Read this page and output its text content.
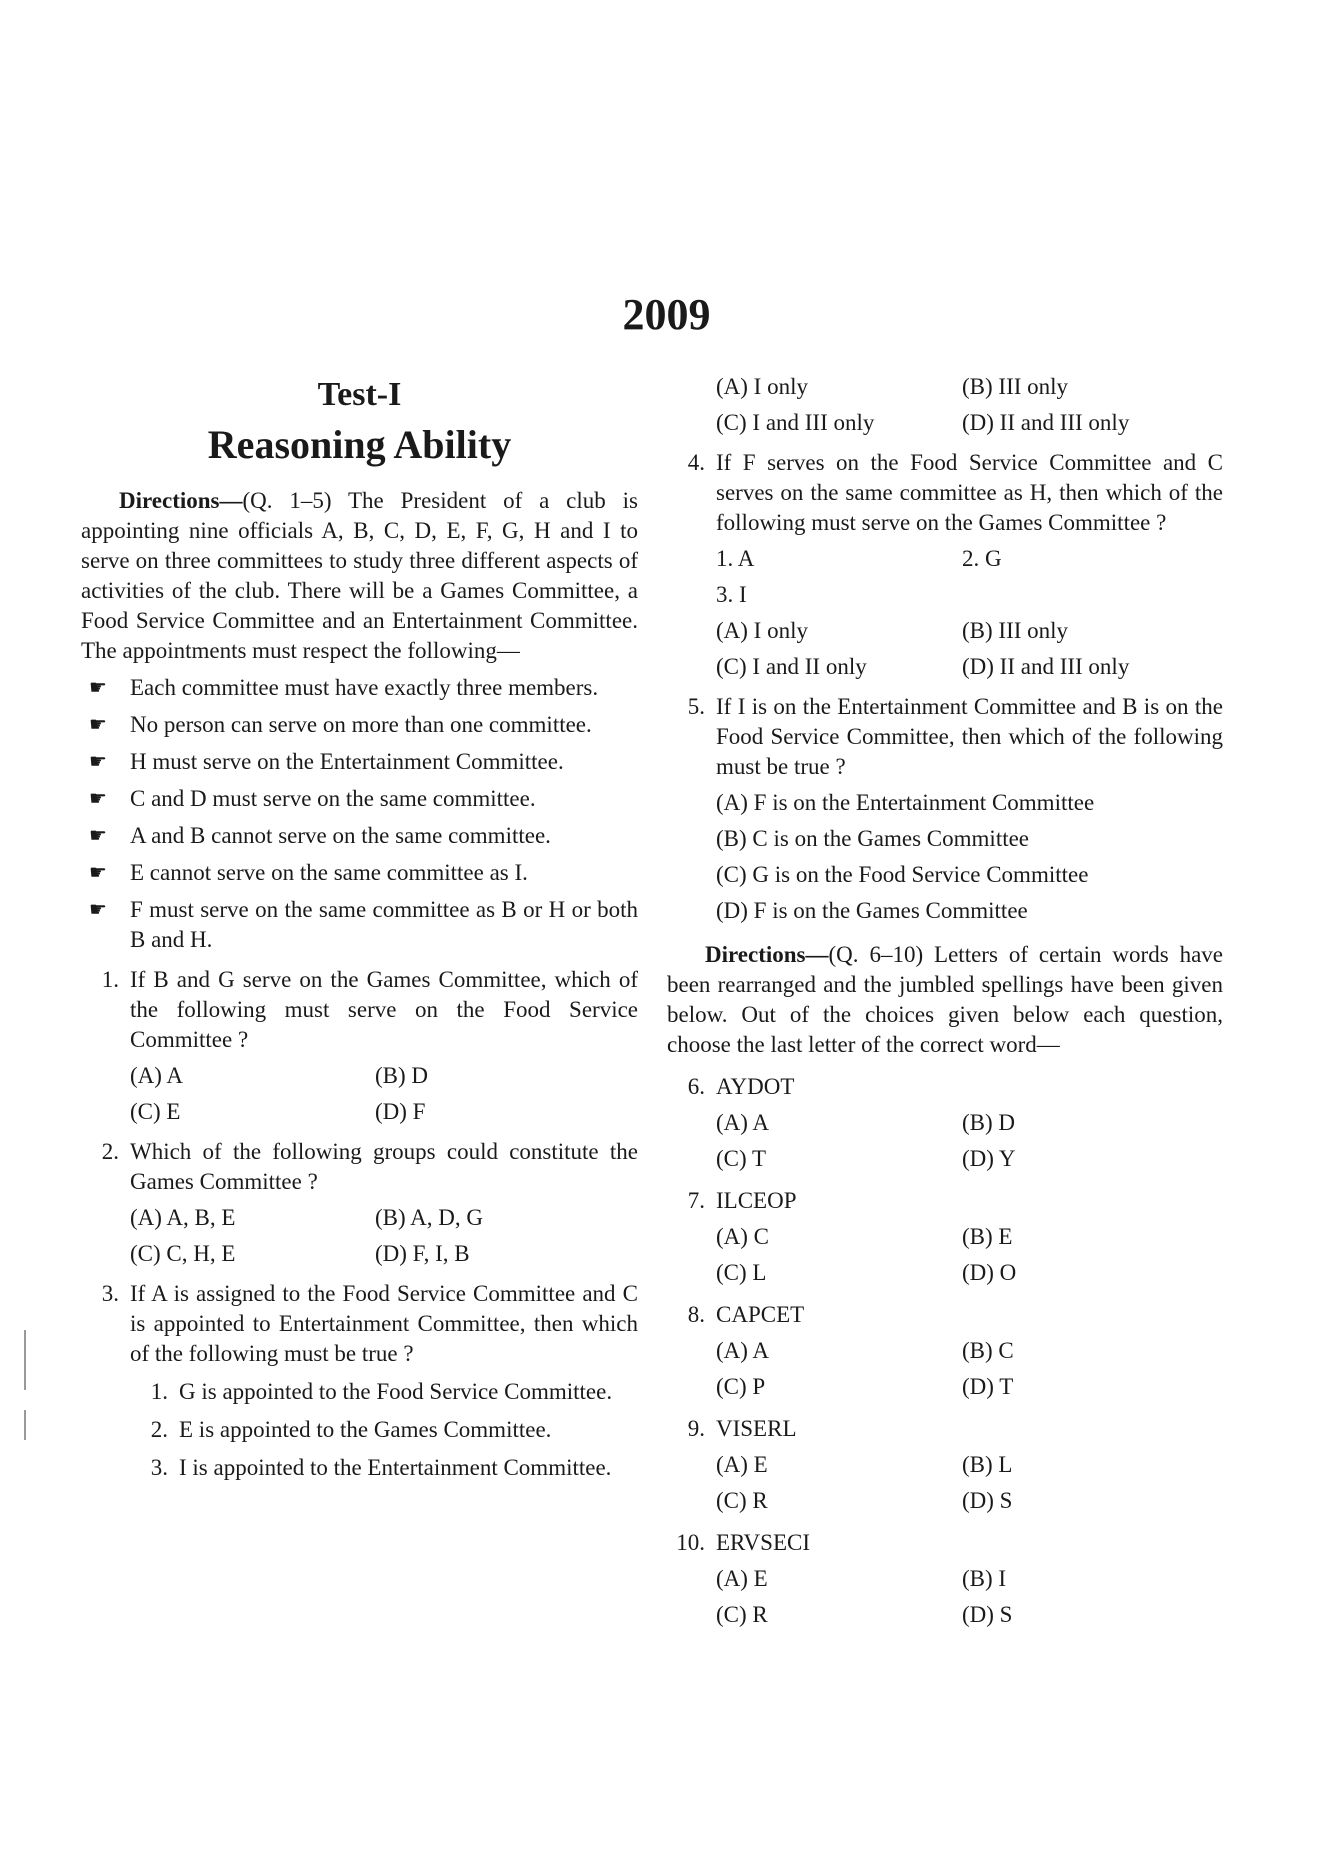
2009
Test-I
Reasoning Ability

Directions—(Q. 1–5) The President of a club is appointing nine officials A, B, C, D, E, F, G, H and I to serve on three committees to study three different aspects of activities of the club. There will be a Games Committee, a Food Service Committee and an Entertainment Committee. The appointments must respect the following—

☛ Each committee must have exactly three members.
☛ No person can serve on more than one committee.
☛ H must serve on the Entertainment Committee.
☛ C and D must serve on the same committee.
☛ A and B cannot serve on the same committee.
☛ E cannot serve on the same committee as I.
☛ F must serve on the same committee as B or H or both B and H.
1. If B and G serve on the Games Committee, which of the following must serve on the Food Service Committee ?
(A) A	(B) D
(C) E	(D) F
2. Which of the following groups could constitute the Games Committee ?
(A) A, B, E	(B) A, D, G
(C) C, H, E	(D) F, I, B
3. If A is assigned to the Food Service Committee and C is appointed to Entertainment Committee, then which of the following must be true ?
1. G is appointed to the Food Service Committee.
2. E is appointed to the Games Committee.
3. I is appointed to the Entertainment Committee.
(A) I only	(B) III only
(C) I and III only	(D) II and III only
4. If F serves on the Food Service Committee and C serves on the same committee as H, then which of the following must serve on the Games Committee ?
1. A	2. G
3. I
(A) I only	(B) III only
(C) I and II only	(D) II and III only
5. If I is on the Entertainment Committee and B is on the Food Service Committee, then which of the following must be true ?
(A) F is on the Entertainment Committee
(B) C is on the Games Committee
(C) G is on the Food Service Committee
(D) F is on the Games Committee

Directions—(Q. 6–10) Letters of certain words have been rearranged and the jumbled spellings have been given below. Out of the choices given below each question, choose the last letter of the correct word—

6. AYDOT
(A) A	(B) D
(C) T	(D) Y
7. ILCEOP
(A) C	(B) E
(C) L	(D) O
8. CAPCET
(A) A	(B) C
(C) P	(D) T
9. VISERL
(A) E	(B) L
(C) R	(D) S
10. ERVSECI
(A) E	(B) I
(C) R	(D) S
